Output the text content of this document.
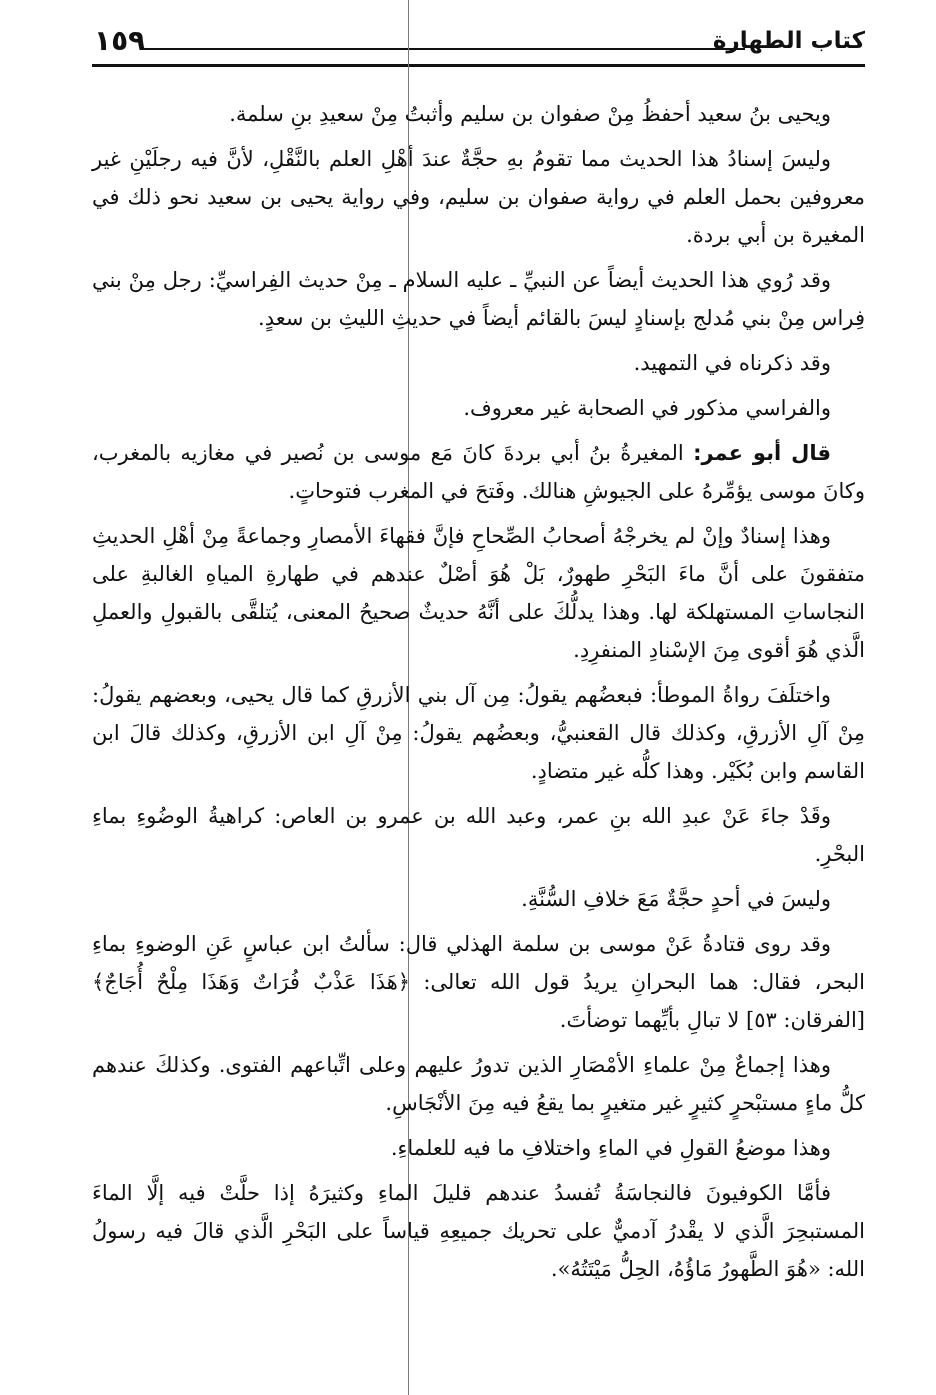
كتاب الطهارة
١٥٩

ويحيى بنُ سعيد أحفظُ مِنْ صفوان بن سليم وأثبتُ مِنْ سعيدِ بنِ سلمة.

وليسَ إسنادُ هذا الحديث مما تقومُ بهِ حجَّةٌ عندَ أهْلِ العلم بالنَّقْلِ، لأنَّ فيه رجلَيْنِ غير معروفين بحمل العلم في رواية صفوان بن سليم، وفي رواية يحيى بن سعيد نحو ذلك في المغيرة بن أبي بردة.

وقد رُوي هذا الحديث أيضاً عن النبيِّ ـ عليه السلام ـ مِنْ حديث الفِراسيِّ: رجل مِنْ بني فِراس مِنْ بني مُدلج بإسنادٍ ليسَ بالقائم أيضاً في حديثِ الليثِ بن سعدٍ.

وقد ذكرناه في التمهيد.

والفراسي مذكور في الصحابة غير معروف.

قال أبو عمر: المغيرةُ بنُ أبي بردةَ كانَ مَع موسى بن نُصير في مغازيه بالمغرب، وكانَ موسى يؤمِّرهُ على الجيوشِ هنالك. وفَتحَ في المغرب فتوحاتٍ.

وهذا إسنادٌ وإنْ لم يخرجْهُ أصحابُ الصِّحاحِ فإنَّ فقهاءَ الأمصارِ وجماعةً مِنْ أهْلِ الحديثِ متفقونَ على أنَّ ماءَ البَحْرِ طهورٌ، بَلْ هُوَ أصْلٌ عندهم في طهارةِ المياهِ الغالبةِ على النجاساتِ المستهلكة لها. وهذا يدلُّكَ على أنَّهُ حديثٌ صحيحُ المعنى، يُتلقَّى بالقبولِ والعملِ الَّذي هُوَ أقوى مِنَ الإسْنادِ المنفرِدِ.

واختلَفَ رواةُ الموطأ: فبعضُهم يقولُ: مِن آل بني الأزرقِ كما قال يحيى، وبعضهم يقولُ: مِنْ آلِ الأزرقِ، وكذلك قال القعنبيُّ، وبعضُهم يقولُ: مِنْ آلِ ابن الأزرقِ، وكذلك قالَ ابن القاسم وابن بُكَيْر. وهذا كلُّه غير متضادٍ.

وقَدْ جاءَ عَنْ عبدِ الله بنِ عمر، وعبد الله بن عمرو بن العاص: كراهيةُ الوضُوءِ بماءِ البحْرِ.

وليسَ في أحدٍ حجَّةٌ مَعَ خلافِ السُّنَّةِ.

وقد روى قتادةُ عَنْ موسى بن سلمة الهذلي قال: سألتُ ابن عباسٍ عَنِ الوضوءِ بماءِ البحر، فقال: هما البحرانِ يريدُ قول الله تعالى: ﴿هَذَا عَذْبٌ فُرَاتٌ وَهَذَا مِلْحٌ أُجَاجٌ﴾ [الفرقان: ٥٣] لا تبالِ بأيِّهما توضأتَ.

وهذا إجماعٌ مِنْ علماءِ الأمْصَارِ الذين تدورُ عليهم وعلى اتِّباعهم الفتوى. وكذلكَ عندهم كلُّ ماءٍ مستبْحرٍ كثيرٍ غير متغيرٍ بما يقعُ فيه مِنَ الأنْجَاسِ.

وهذا موضعُ القولِ في الماءِ واختلافِ ما فيه للعلماءِ.

فأمَّا الكوفيونَ فالنجاسَةُ تُفسدُ عندهم قليلَ الماءِ وكثيرَهُ إذا حلَّتْ فيه إلَّا الماءَ المستبحِرَ الَّذي لا يقْدرُ آدميٌّ على تحريك جميعِهِ قياساً على البَحْرِ الَّذي قالَ فيه رسولُ الله: «هُوَ الطَّهورُ مَاؤُهُ، الحِلُّ مَيْتَتُهُ».
